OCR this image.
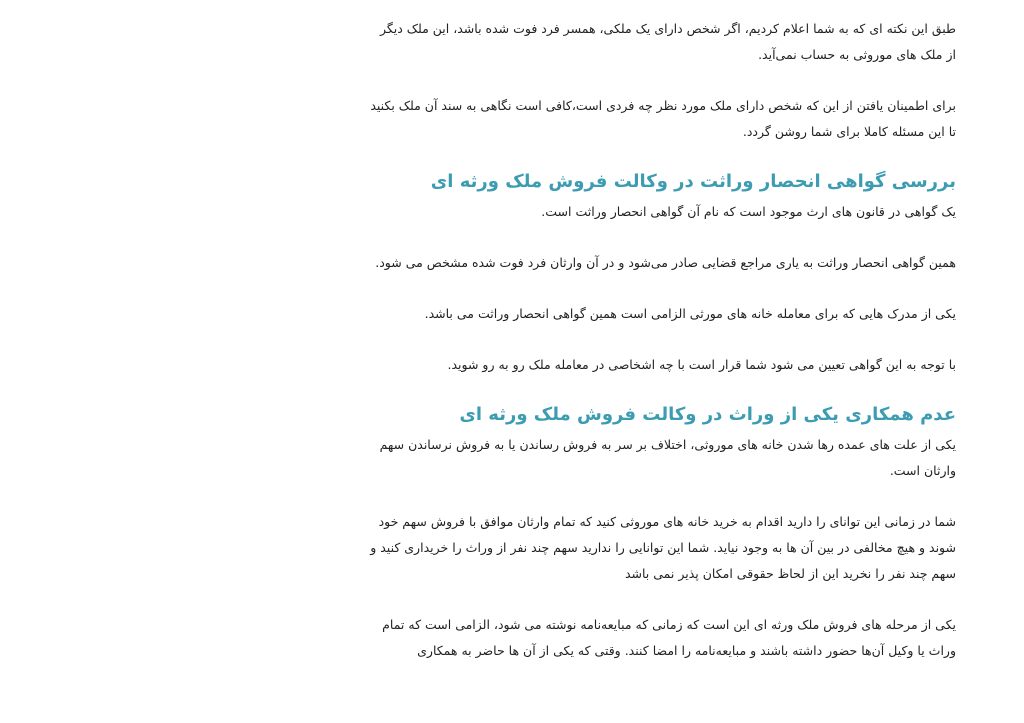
طبق این نکته ای که به شما اعلام کردیم، اگر شخص دارای یک ملکی، همسر فرد فوت شده باشد، این ملک دیگر از ملک های موروثی به حساب نمی‌آید.

برای اطمینان یافتن از این که شخص دارای ملک مورد نظر چه فردی است،کافی است نگاهی به سند آن ملک بکنید تا این مسئله کاملا برای شما روشن گردد.

بررسی گواهی انحصار وراثت در وکالت فروش ملک ورثه ای

یک گواهی در قانون های ارث موجود است که نام آن گواهی انحصار وراثت است.

همین گواهی انحصار وراثت به یاری مراجع قضایی صادر می‌شود و در آن وارثان فرد فوت شده مشخص می شود.

یکی از مدرک هایی که برای معامله خانه های مورثی الزامی است همین گواهی انحصار وراثت می باشد.

با توجه به این گواهی تعیین می شود شما قرار است با چه اشخاصی در معامله ملک رو به رو شوید.

عدم همکاری یکی از وراث در وکالت فروش ملک ورثه ای

یکی از علت های عمده رها شدن خانه های موروثی، اختلاف بر سر به فروش رساندن یا به فروش نرساندن سهم وارثان است.

شما در زمانی این توانای را دارید اقدام به خرید خانه های موروثی کنید که تمام وارثان موافق با فروش سهم خود شوند و هیچ مخالفی در بین آن ها به وجود نیاید. شما این توانایی را ندارید سهم چند نفر از وراث را خریداری کنید و سهم چند نفر را نخرید این از لحاظ حقوقی امکان پذیر نمی باشد

یکی از مرحله های فروش ملک ورثه ای این است که زمانی که مبایعه‌نامه نوشته می شود، الزامی است که تمام وراث یا وکیل آن‌ها حضور داشته باشند و مبایعه‌نامه را امضا کنند. وقتی که یکی از آن ها حاضر به همکاری
